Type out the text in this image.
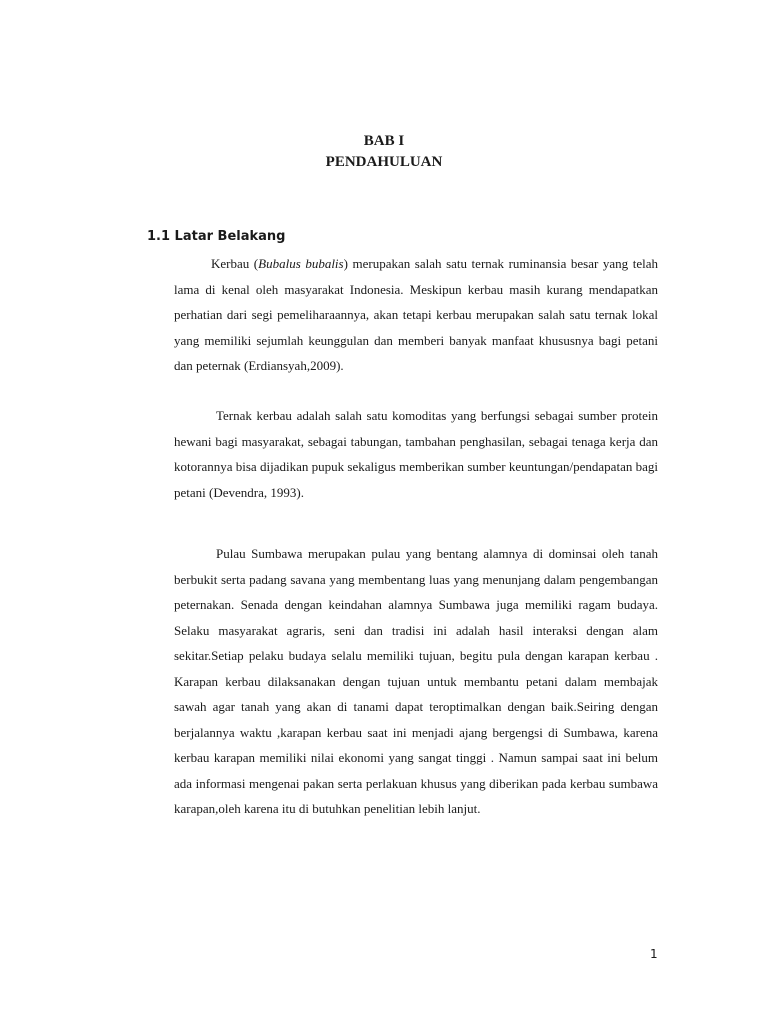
BAB I
PENDAHULUAN
1.1 Latar Belakang

Kerbau (Bubalus bubalis) merupakan salah satu ternak ruminansia besar yang telah lama di kenal oleh masyarakat Indonesia. Meskipun kerbau masih kurang mendapatkan perhatian dari segi pemeliharaannya, akan tetapi kerbau merupakan salah satu ternak lokal yang memiliki sejumlah keunggulan dan memberi banyak manfaat khususnya bagi petani dan peternak (Erdiansyah,2009).

Ternak kerbau adalah salah satu komoditas yang berfungsi sebagai sumber protein hewani bagi masyarakat, sebagai tabungan, tambahan penghasilan, sebagai tenaga kerja dan kotorannya bisa dijadikan pupuk sekaligus memberikan sumber keuntungan/pendapatan bagi petani (Devendra, 1993).

Pulau Sumbawa merupakan pulau yang bentang alamnya di dominsai oleh tanah berbukit serta padang savana yang membentang luas yang menunjang dalam pengembangan peternakan. Senada dengan keindahan alamnya Sumbawa juga memiliki ragam budaya. Selaku masyarakat agraris, seni dan tradisi ini adalah hasil interaksi dengan alam sekitar.Setiap pelaku budaya selalu memiliki tujuan, begitu pula dengan karapan kerbau . Karapan kerbau dilaksanakan dengan tujuan untuk membantu petani dalam membajak sawah agar tanah yang akan di tanami dapat teroptimalkan dengan baik.Seiring dengan berjalannya waktu ,karapan kerbau saat ini menjadi ajang bergengsi di Sumbawa, karena kerbau karapan memiliki nilai ekonomi yang sangat tinggi . Namun sampai saat ini belum ada informasi mengenai pakan serta perlakuan khusus yang diberikan pada kerbau sumbawa karapan,oleh karena itu di butuhkan penelitian lebih lanjut.

1
